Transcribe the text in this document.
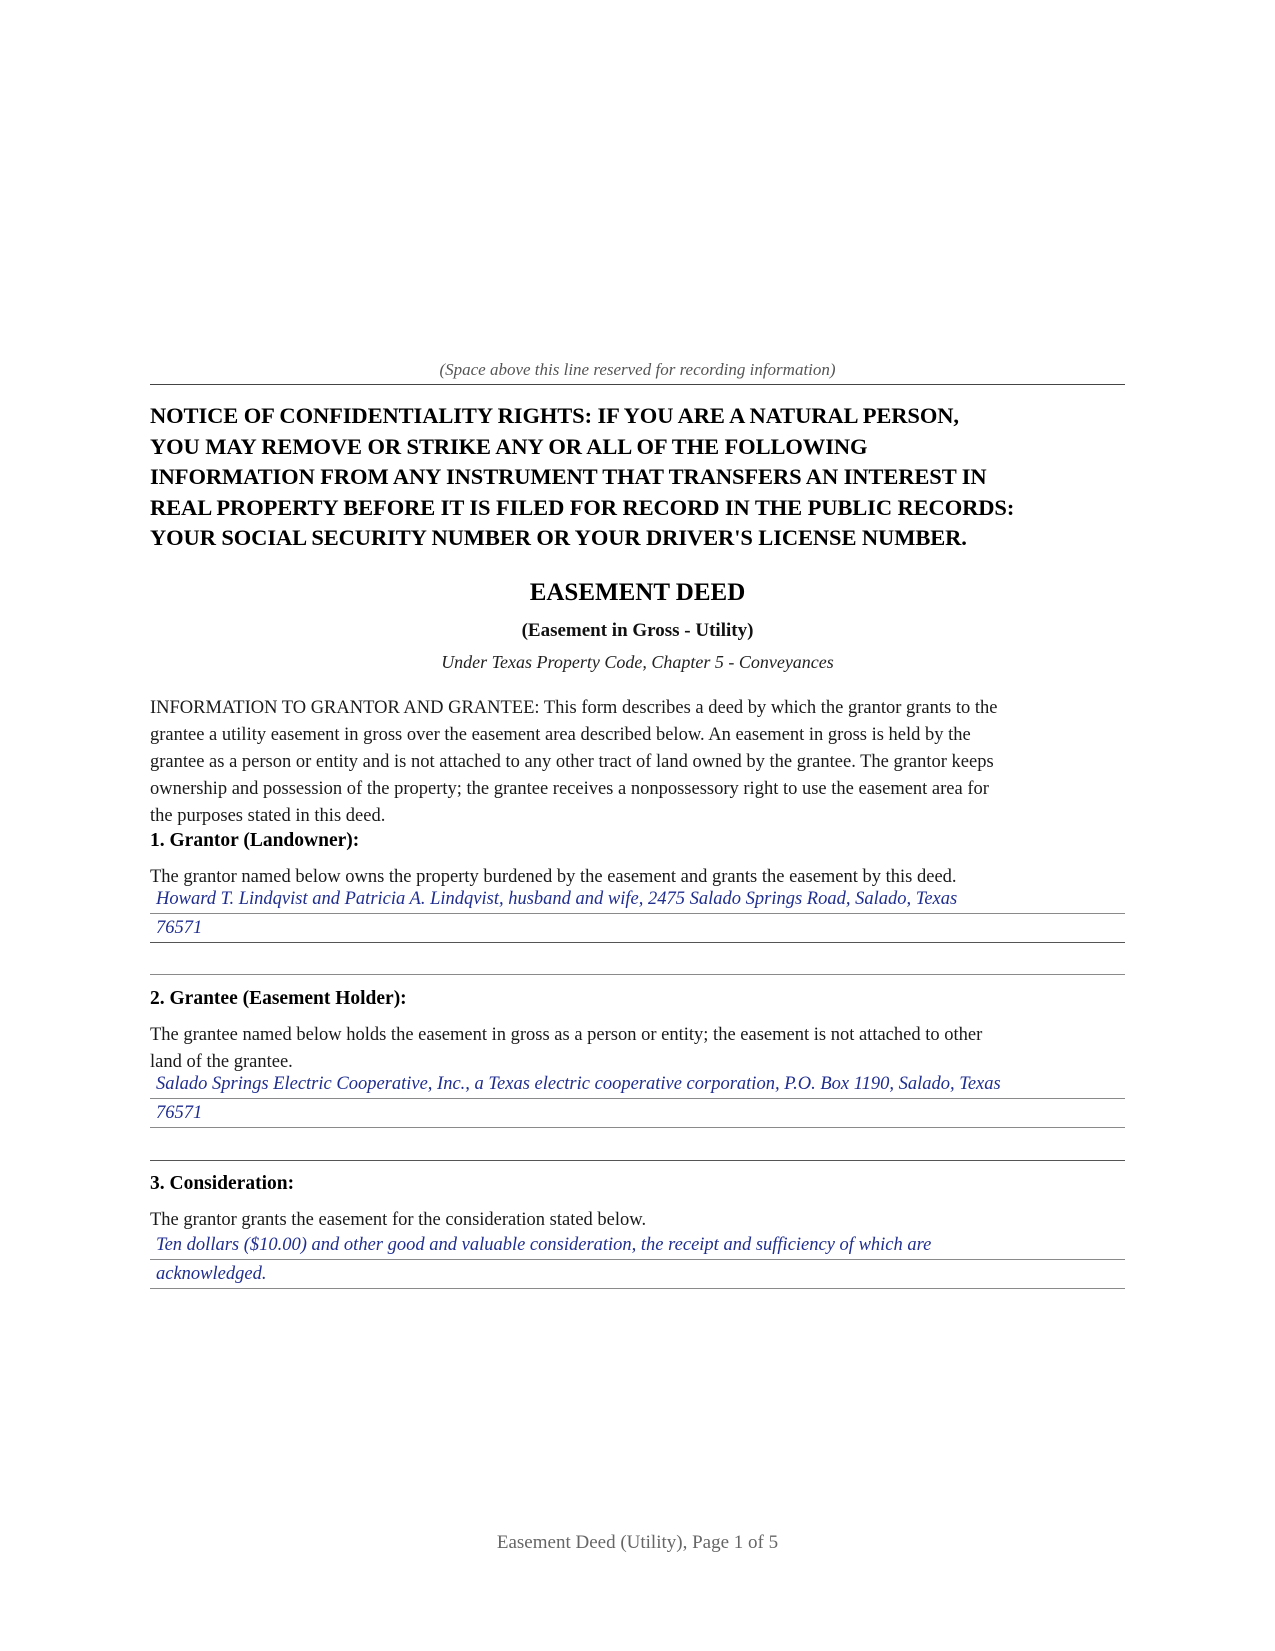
(Space above this line reserved for recording information)
NOTICE OF CONFIDENTIALITY RIGHTS: IF YOU ARE A NATURAL PERSON,
YOU MAY REMOVE OR STRIKE ANY OR ALL OF THE FOLLOWING
INFORMATION FROM ANY INSTRUMENT THAT TRANSFERS AN INTEREST IN
REAL PROPERTY BEFORE IT IS FILED FOR RECORD IN THE PUBLIC RECORDS:
YOUR SOCIAL SECURITY NUMBER OR YOUR DRIVER'S LICENSE NUMBER.
EASEMENT DEED
(Easement in Gross - Utility)
Under Texas Property Code, Chapter 5 - Conveyances
INFORMATION TO GRANTOR AND GRANTEE: This form describes a deed by which the grantor grants to the
grantee a utility easement in gross over the easement area described below. An easement in gross is held by the
grantee as a person or entity and is not attached to any other tract of land owned by the grantee. The grantor keeps
ownership and possession of the property; the grantee receives a nonpossessory right to use the easement area for
the purposes stated in this deed.
1. Grantor (Landowner):
The grantor named below owns the property burdened by the easement and grants the easement by this deed.
Howard T. Lindqvist and Patricia A. Lindqvist, husband and wife, 2475 Salado Springs Road, Salado, Texas
76571
2. Grantee (Easement Holder):
The grantee named below holds the easement in gross as a person or entity; the easement is not attached to other
land of the grantee.
Salado Springs Electric Cooperative, Inc., a Texas electric cooperative corporation, P.O. Box 1190, Salado, Texas
76571
3. Consideration:
The grantor grants the easement for the consideration stated below.
Ten dollars ($10.00) and other good and valuable consideration, the receipt and sufficiency of which are
acknowledged.
Easement Deed (Utility), Page 1 of 5
